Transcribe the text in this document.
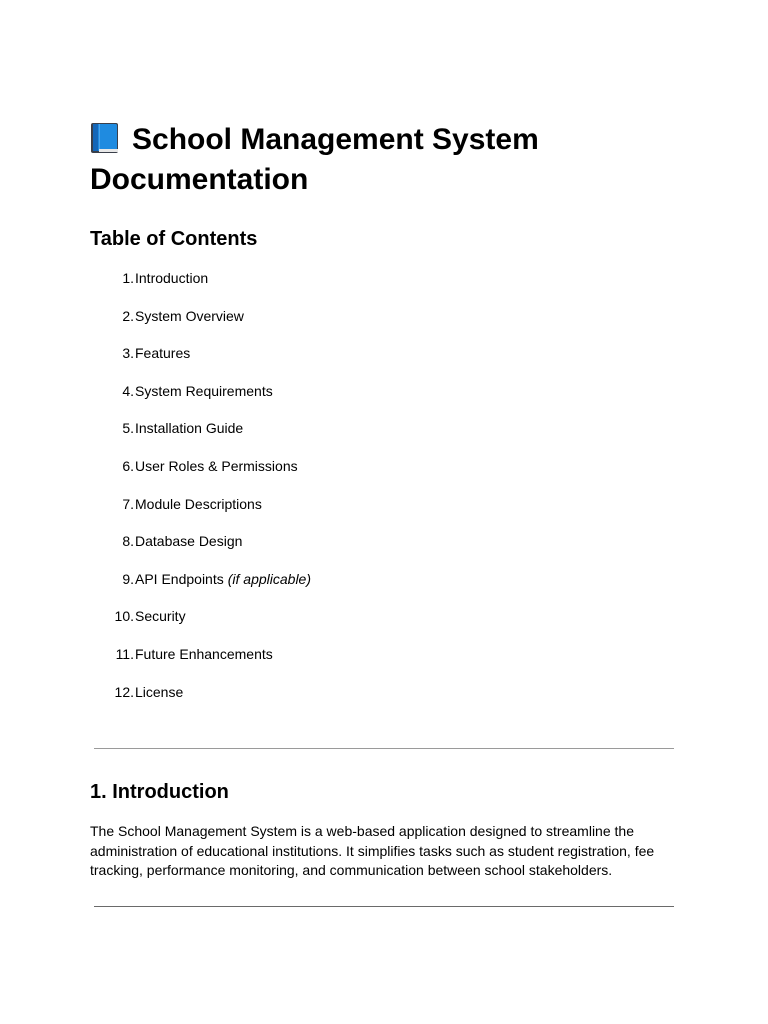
School Management System Documentation
Table of Contents
1. Introduction
2. System Overview
3. Features
4. System Requirements
5. Installation Guide
6. User Roles & Permissions
7. Module Descriptions
8. Database Design
9. API Endpoints (if applicable)
10. Security
11. Future Enhancements
12. License
1. Introduction

The School Management System is a web-based application designed to streamline the administration of educational institutions. It simplifies tasks such as student registration, fee tracking, performance monitoring, and communication between school stakeholders.
